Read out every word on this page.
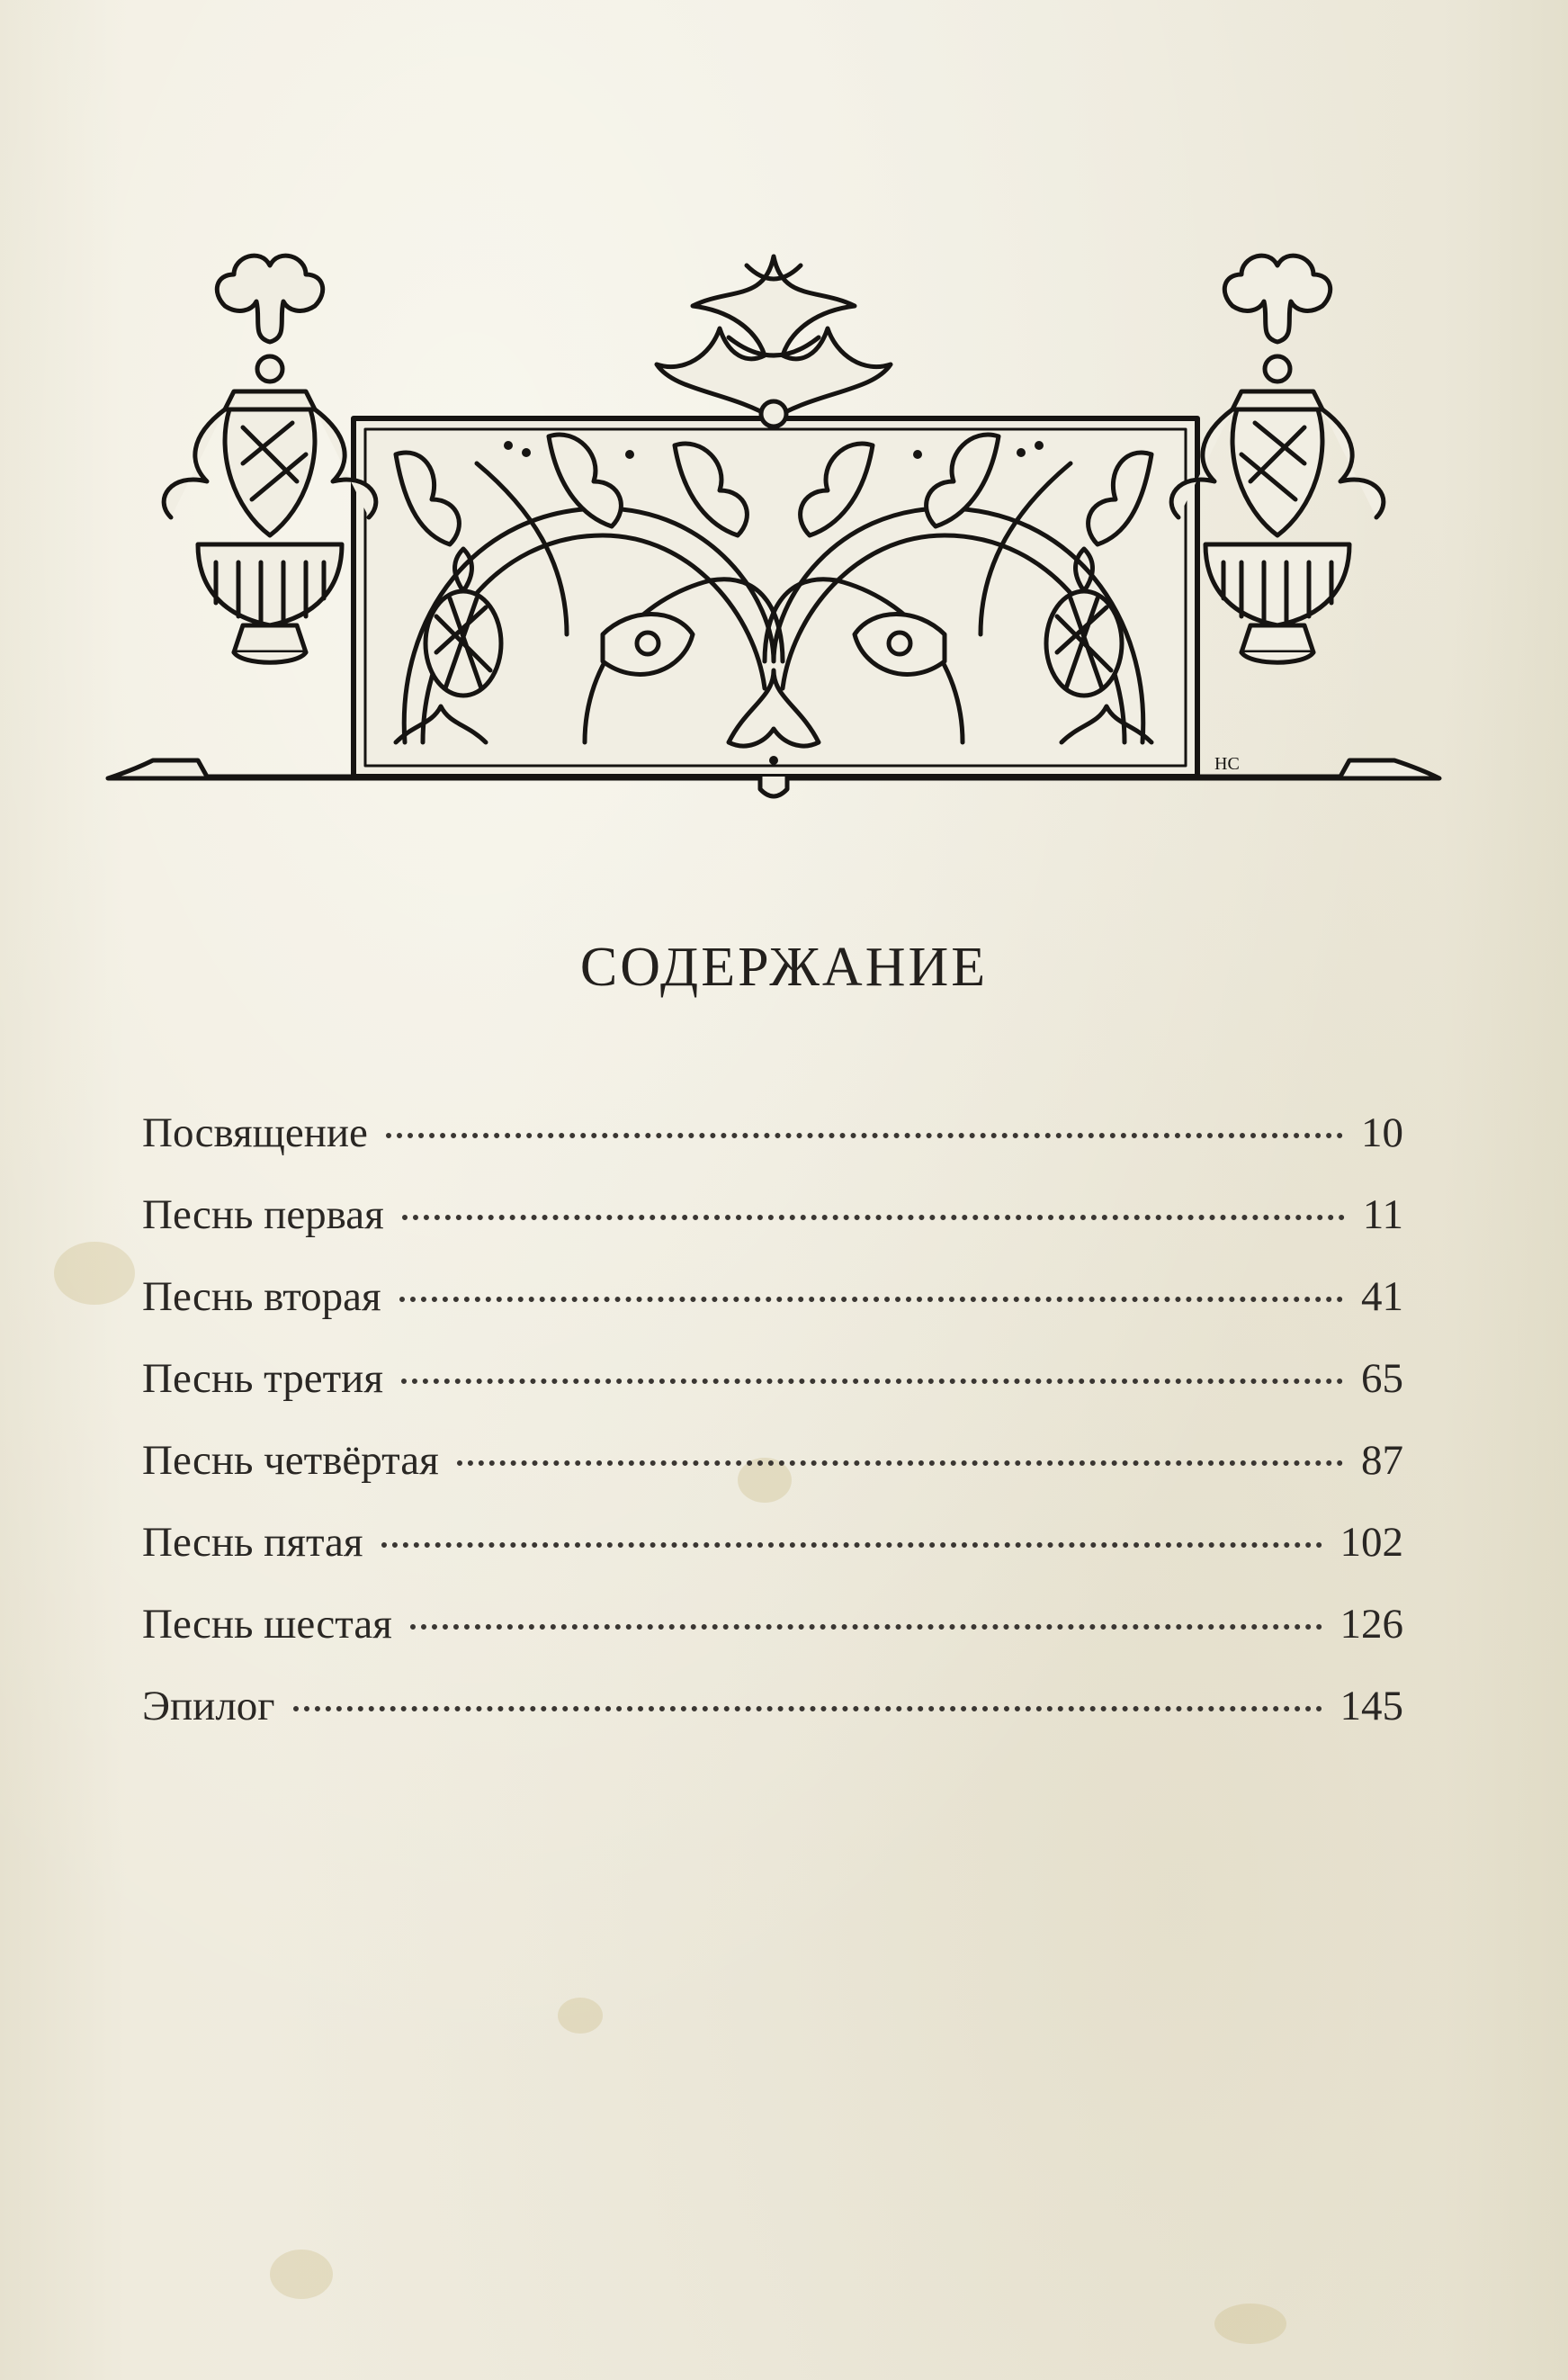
НС
СОДЕРЖАНИЕ
Посвящение	10
Песнь первая	11
Песнь вторая	41
Песнь третия	65
Песнь четвёртая	87
Песнь пятая	102
Песнь шестая	126
Эпилог	145
